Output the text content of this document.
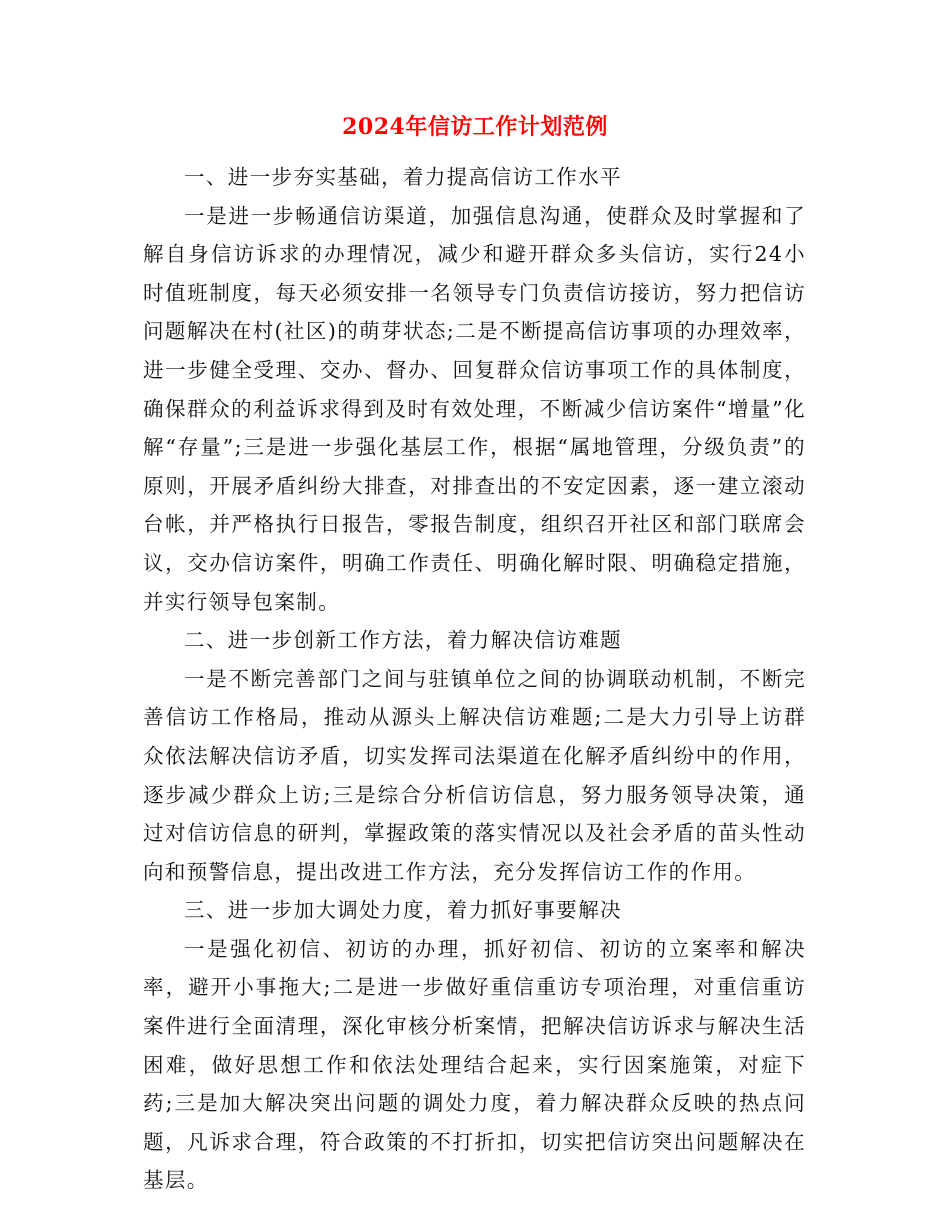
2024年信访工作计划范例

一、进一步夯实基础，着力提高信访工作水平

一是进一步畅通信访渠道，加强信息沟通，使群众及时掌握和了解自身信访诉求的办理情况，减少和避开群众多头信访，实行24小时值班制度，每天必须安排一名领导专门负责信访接访，努力把信访问题解决在村(社区)的萌芽状态;二是不断提高信访事项的办理效率，进一步健全受理、交办、督办、回复群众信访事项工作的具体制度，确保群众的利益诉求得到及时有效处理，不断减少信访案件“增量”化解“存量”;三是进一步强化基层工作，根据“属地管理，分级负责”的原则，开展矛盾纠纷大排查，对排查出的不安定因素，逐一建立滚动台帐，并严格执行日报告，零报告制度，组织召开社区和部门联席会议，交办信访案件，明确工作责任、明确化解时限、明确稳定措施，并实行领导包案制。

二、进一步创新工作方法，着力解决信访难题

一是不断完善部门之间与驻镇单位之间的协调联动机制，不断完善信访工作格局，推动从源头上解决信访难题;二是大力引导上访群众依法解决信访矛盾，切实发挥司法渠道在化解矛盾纠纷中的作用，逐步减少群众上访;三是综合分析信访信息，努力服务领导决策，通过对信访信息的研判，掌握政策的落实情况以及社会矛盾的苗头性动向和预警信息，提出改进工作方法，充分发挥信访工作的作用。

三、进一步加大调处力度，着力抓好事要解决

一是强化初信、初访的办理，抓好初信、初访的立案率和解决率，避开小事拖大;二是进一步做好重信重访专项治理，对重信重访案件进行全面清理，深化审核分析案情，把解决信访诉求与解决生活困难，做好思想工作和依法处理结合起来，实行因案施策，对症下药;三是加大解决突出问题的调处力度，着力解决群众反映的热点问题，凡诉求合理，符合政策的不打折扣，切实把信访突出问题解决在基层。
